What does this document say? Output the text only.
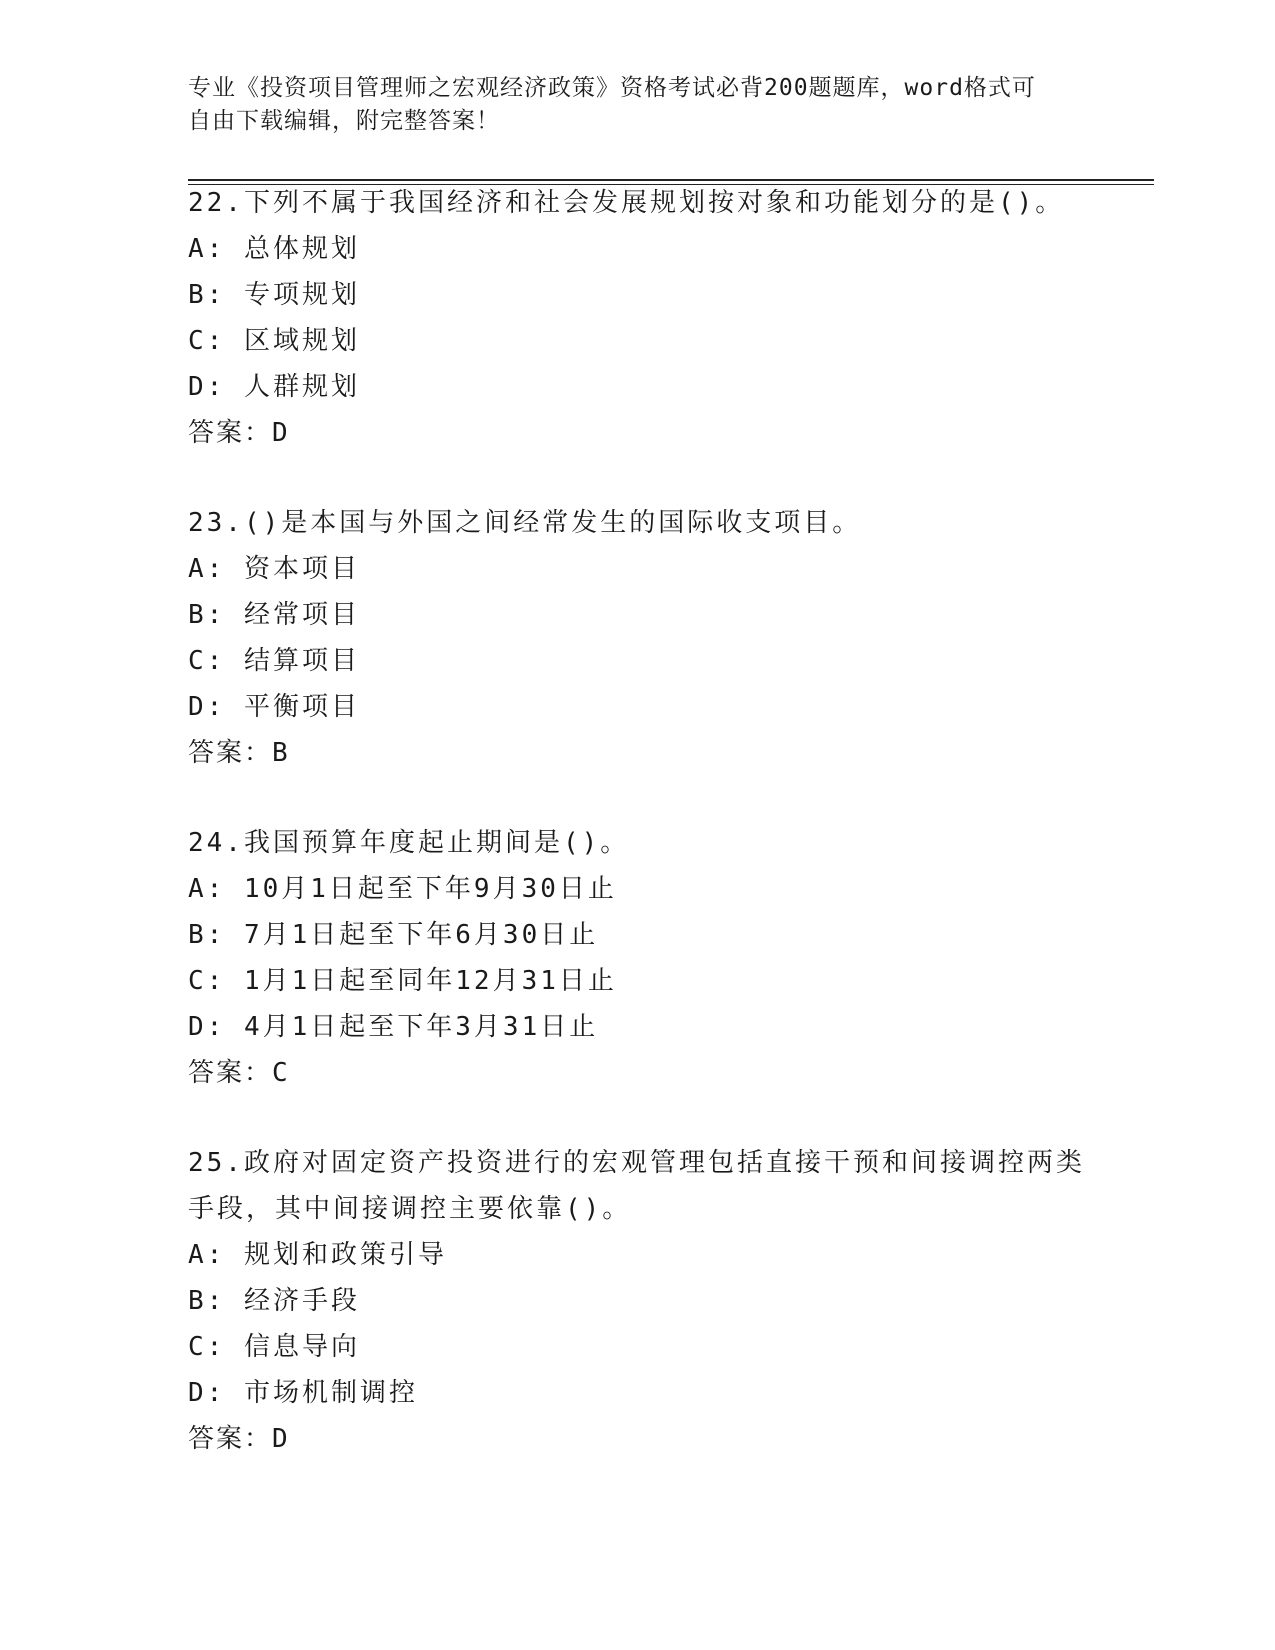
专业《投资项目管理师之宏观经济政策》资格考试必背200题题库，word格式可
自由下载编辑，附完整答案！
22.下列不属于我国经济和社会发展规划按对象和功能划分的是()。
A: 总体规划
B: 专项规划
C: 区域规划
D: 人群规划
答案：D
23.()是本国与外国之间经常发生的国际收支项目。
A: 资本项目
B: 经常项目
C: 结算项目
D: 平衡项目
答案：B
24.我国预算年度起止期间是()。
A: 10月1日起至下年9月30日止
B: 7月1日起至下年6月30日止
C: 1月1日起至同年12月31日止
D: 4月1日起至下年3月31日止
答案：C
25.政府对固定资产投资进行的宏观管理包括直接干预和间接调控两类手段，其中间接调控主要依靠()。
A: 规划和政策引导
B: 经济手段
C: 信息导向
D: 市场机制调控
答案：D
